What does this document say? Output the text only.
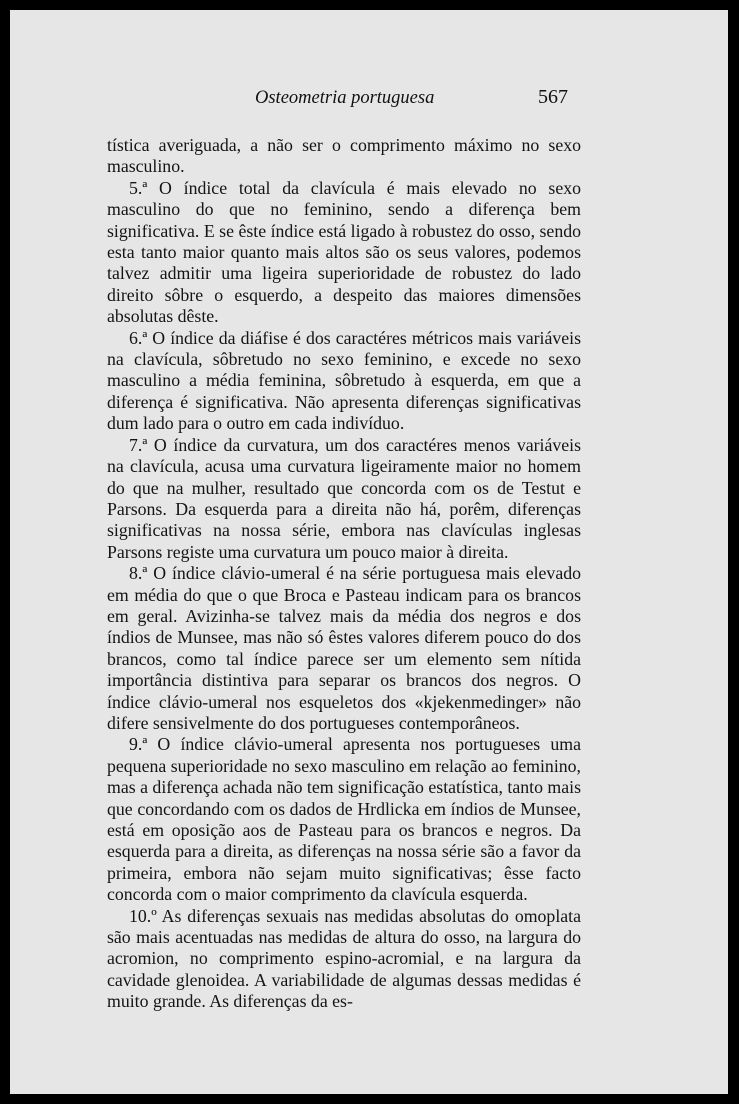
Osteometria portuguesa	567

tística averiguada, a não ser o comprimento máximo no sexo masculino.

5.ª O índice total da clavícula é mais elevado no sexo masculino do que no feminino, sendo a diferença bem significativa. E se êste índice está ligado à robustez do osso, sendo esta tanto maior quanto mais altos são os seus valores, podemos talvez admitir uma ligeira superioridade de robustez do lado direito sôbre o esquerdo, a despeito das maiores dimensões absolutas dêste.

6.ª O índice da diáfise é dos caractéres métricos mais variáveis na clavícula, sôbretudo no sexo feminino, e excede no sexo masculino a média feminina, sôbretudo à esquerda, em que a diferença é significativa. Não apresenta diferenças significativas dum lado para o outro em cada indivíduo.

7.ª O índice da curvatura, um dos caractéres menos variáveis na clavícula, acusa uma curvatura ligeiramente maior no homem do que na mulher, resultado que concorda com os de Testut e Parsons. Da esquerda para a direita não há, porêm, diferenças significativas na nossa série, embora nas clavículas inglesas Parsons registe uma curvatura um pouco maior à direita.

8.ª O índice clávio-umeral é na série portuguesa mais elevado em média do que o que Broca e Pasteau indicam para os brancos em geral. Avizinha-se talvez mais da média dos negros e dos índios de Munsee, mas não só êstes valores diferem pouco do dos brancos, como tal índice parece ser um elemento sem nítida importância distintiva para separar os brancos dos negros. O índice clávio-umeral nos esqueletos dos «kjekenmedinger» não difere sensivelmente do dos portugueses contemporâneos.

9.ª O índice clávio-umeral apresenta nos portugueses uma pequena superioridade no sexo masculino em relação ao feminino, mas a diferença achada não tem significação estatística, tanto mais que concordando com os dados de Hrdlicka em índios de Munsee, está em oposição aos de Pasteau para os brancos e negros. Da esquerda para a direita, as diferenças na nossa série são a favor da primeira, embora não sejam muito significativas; êsse facto concorda com o maior comprimento da clavícula esquerda.

10.º As diferenças sexuais nas medidas absolutas do omoplata são mais acentuadas nas medidas de altura do osso, na largura do acromion, no comprimento espino-acromial, e na largura da cavidade glenoidea. A variabilidade de algumas dessas medidas é muito grande. As diferenças da es-
